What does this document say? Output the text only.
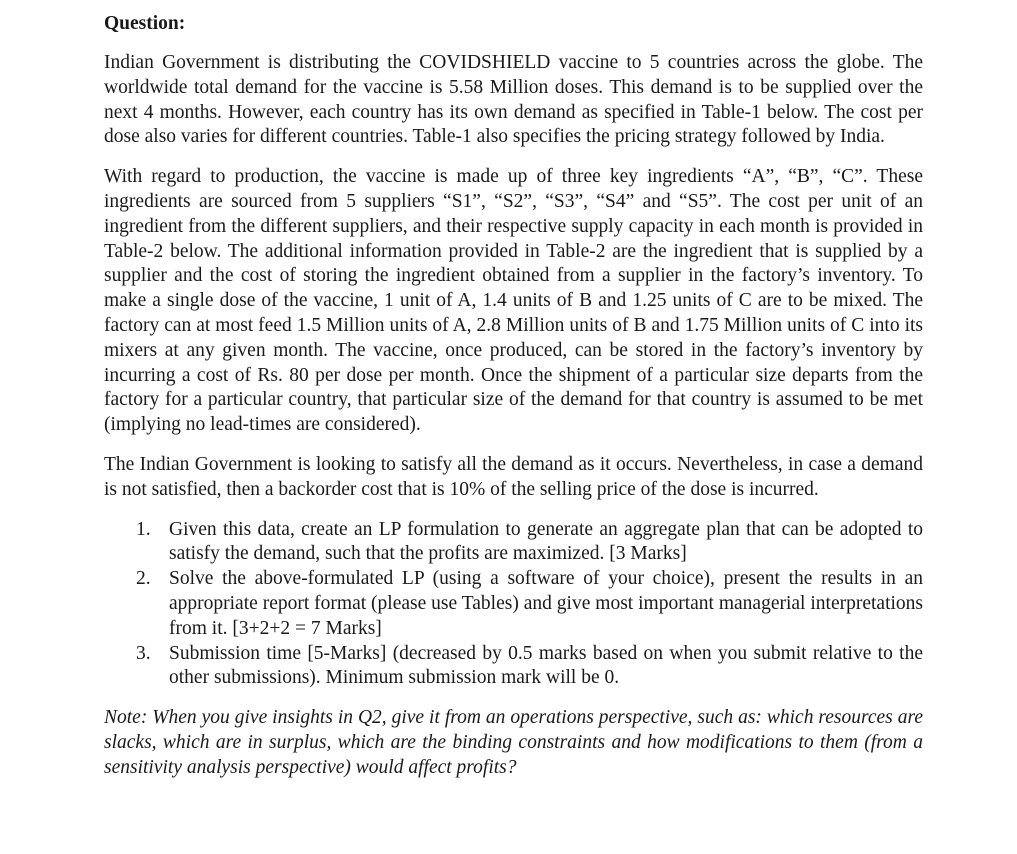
Question:

Indian Government is distributing the COVIDSHIELD vaccine to 5 countries across the globe. The worldwide total demand for the vaccine is 5.58 Million doses. This demand is to be supplied over the next 4 months. However, each country has its own demand as specified in Table-1 below. The cost per dose also varies for different countries. Table-1 also specifies the pricing strategy followed by India.

With regard to production, the vaccine is made up of three key ingredients “A”, “B”, “C”. These ingredients are sourced from 5 suppliers “S1”, “S2”, “S3”, “S4” and “S5”. The cost per unit of an ingredient from the different suppliers, and their respective supply capacity in each month is provided in Table-2 below. The additional information provided in Table-2 are the ingredient that is supplied by a supplier and the cost of storing the ingredient obtained from a supplier in the factory’s inventory. To make a single dose of the vaccine, 1 unit of A, 1.4 units of B and 1.25 units of C are to be mixed. The factory can at most feed 1.5 Million units of A, 2.8 Million units of B and 1.75 Million units of C into its mixers at any given month. The vaccine, once produced, can be stored in the factory’s inventory by incurring a cost of Rs. 80 per dose per month. Once the shipment of a particular size departs from the factory for a particular country, that particular size of the demand for that country is assumed to be met (implying no lead-times are considered).

The Indian Government is looking to satisfy all the demand as it occurs. Nevertheless, in case a demand is not satisfied, then a backorder cost that is 10% of the selling price of the dose is incurred.

1. Given this data, create an LP formulation to generate an aggregate plan that can be adopted to satisfy the demand, such that the profits are maximized. [3 Marks]
2. Solve the above-formulated LP (using a software of your choice), present the results in an appropriate report format (please use Tables) and give most important managerial interpretations from it. [3+2+2 = 7 Marks]
3. Submission time [5-Marks] (decreased by 0.5 marks based on when you submit relative to the other submissions). Minimum submission mark will be 0.

Note: When you give insights in Q2, give it from an operations perspective, such as: which resources are slacks, which are in surplus, which are the binding constraints and how modifications to them (from a sensitivity analysis perspective) would affect profits?
